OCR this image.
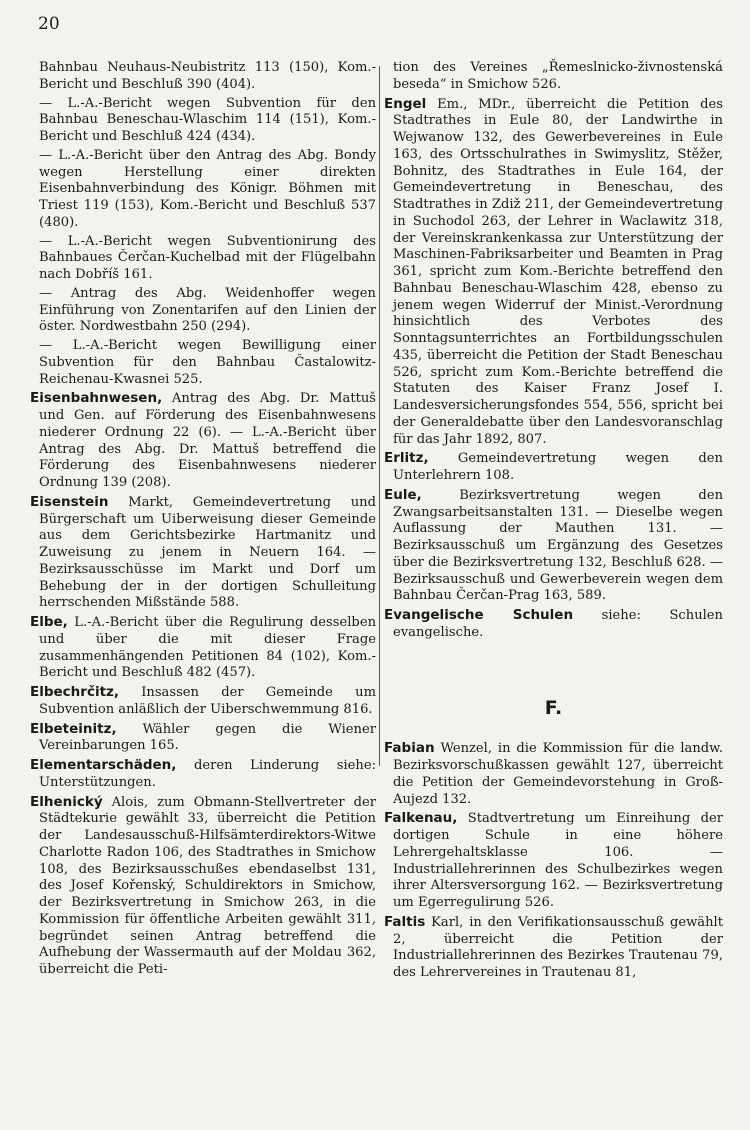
20

Bahnbau Neuhaus-Neubistritz 113 (150), Kom.-Bericht und Beschluß 390 (404).

— L.-A.-Bericht wegen Subvention für den Bahnbau Beneschau-Wlaschim 114 (151), Kom.-Bericht und Beschluß 424 (434).

— L.-A.-Bericht über den Antrag des Abg. Bondy wegen Herstellung einer direkten Eisenbahnverbindung des Königr. Böhmen mit Triest 119 (153), Kom.-Bericht und Beschluß 537 (480).

— L.-A.-Bericht wegen Subventionirung des Bahnbaues Čerčan-Kuchelbad mit der Flügelbahn nach Dobříš 161.

— Antrag des Abg. Weidenhoffer wegen Einführung von Zonentarifen auf den Linien der öster. Nordwestbahn 250 (294).

— L.-A.-Bericht wegen Bewilligung einer Subvention für den Bahnbau Častalowitz-Reichenau-Kwasnei 525.

Eisenbahnwesen, Antrag des Abg. Dr. Mattuš und Gen. auf Förderung des Eisenbahnwesens niederer Ordnung 22 (6). — L.-A.-Bericht über Antrag des Abg. Dr. Mattuš betreffend die Förderung des Eisenbahnwesens niederer Ordnung 139 (208).

Eisenstein Markt, Gemeindevertretung und Bürgerschaft um Uiberweisung dieser Gemeinde aus dem Gerichtsbezirke Hartmanitz und Zuweisung zu jenem in Neuern 164. — Bezirksausschüsse im Markt und Dorf um Behebung der in der dortigen Schulleitung herrschenden Mißstände 588.

Elbe, L.-A.-Bericht über die Regulirung desselben und über die mit dieser Frage zusammenhängenden Petitionen 84 (102), Kom.-Bericht und Beschluß 482 (457).

Elbechrčitz, Insassen der Gemeinde um Subvention anläßlich der Uiberschwemmung 816.

Elbeteinitz, Wähler gegen die Wiener Vereinbarungen 165.

Elementarschäden, deren Linderung siehe: Unterstützungen.

Elhenický Alois, zum Obmann-Stellvertreter der Städtekurie gewählt 33, überreicht die Petition der Landesausschuß-Hilfsämterdirektors-Witwe Charlotte Radon 106, des Stadtrathes in Smichow 108, des Bezirksausschußes ebendaselbst 131, des Josef Kořenský, Schuldirektors in Smichow, der Bezirksvertretung in Smichow 263, in die Kommission für öffentliche Arbeiten gewählt 311, begründet seinen Antrag betreffend die Aufhebung der Wassermauth auf der Moldau 362, überreicht die Peti-

tion des Vereines „Řemeslnicko-živnostenská beseda“ in Smichow 526.

Engel Em., MDr., überreicht die Petition des Stadtrathes in Eule 80, der Landwirthe in Wejwanow 132, des Gewerbevereines in Eule 163, des Ortsschulrathes in Swimyslitz, Stěžer, Bohnitz, des Stadtrathes in Eule 164, der Gemeindevertretung in Beneschau, des Stadtrathes in Zdiž 211, der Gemeindevertretung in Suchodol 263, der Lehrer in Waclawitz 318, der Vereinskrankenkassa zur Unterstützung der Maschinen-Fabriksarbeiter und Beamten in Prag 361, spricht zum Kom.-Berichte betreffend den Bahnbau Beneschau-Wlaschim 428, ebenso zu jenem wegen Widerruf der Minist.-Verordnung hinsichtlich des Verbotes des Sonntagsunterrichtes an Fortbildungsschulen 435, überreicht die Petition der Stadt Beneschau 526, spricht zum Kom.-Berichte betreffend die Statuten des Kaiser Franz Josef I. Landesversicherungsfondes 554, 556, spricht bei der Generaldebatte über den Landesvoranschlag für das Jahr 1892, 807.

Erlitz, Gemeindevertretung wegen den Unterlehrern 108.

Eule, Bezirksvertretung wegen den Zwangsarbeitsanstalten 131. — Dieselbe wegen Auflassung der Mauthen 131. — Bezirksausschuß um Ergänzung des Gesetzes über die Bezirksvertretung 132, Beschluß 628. — Bezirksausschuß und Gewerbeverein wegen dem Bahnbau Čerčan-Prag 163, 589.

Evangelische Schulen siehe: Schulen evangelische.

F.

Fabian Wenzel, in die Kommission für die landw. Bezirksvorschußkassen gewählt 127, überreicht die Petition der Gemeindevorstehung in Groß-Aujezd 132.

Falkenau, Stadtvertretung um Einreihung der dortigen Schule in eine höhere Lehrergehaltsklasse 106. — Industriallehrerinnen des Schulbezirkes wegen ihrer Altersversorgung 162. — Bezirksvertretung um Egerregulirung 526.

Faltis Karl, in den Verifikationsausschuß gewählt 2, überreicht die Petition der Industriallehrerinnen des Bezirkes Trautenau 79, des Lehrervereines in Trautenau 81,
